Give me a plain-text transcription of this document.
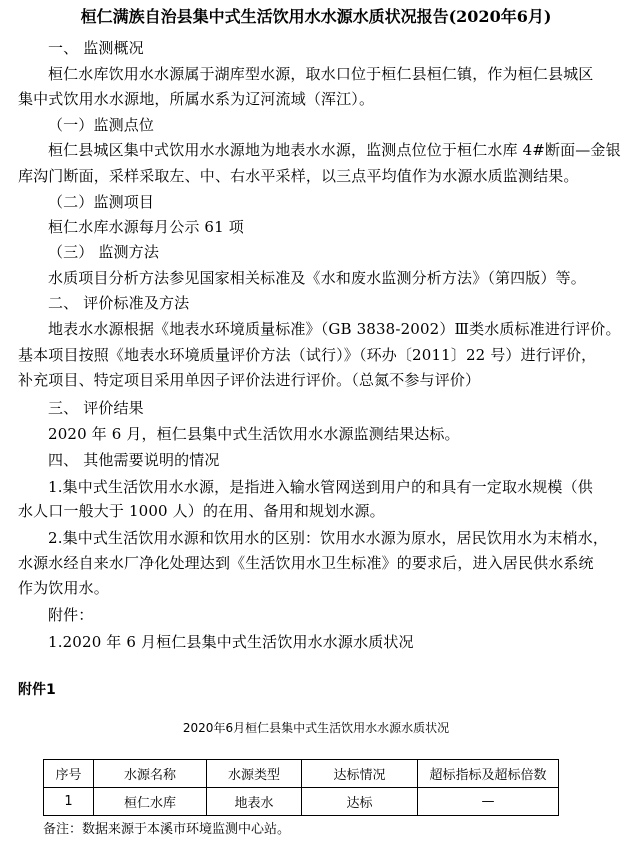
桓仁满族自治县集中式生活饮用水水源水质状况报告(2020年6月)
一、 监测概况
桓仁水库饮用水水源属于湖库型水源，取水口位于桓仁县桓仁镇，作为桓仁县城区
集中式饮用水水源地，所属水系为辽河流域（浑江）。
（一）监测点位
桓仁县城区集中式饮用水水源地为地表水水源，监测点位位于桓仁水库 4#断面—金银
库沟门断面，采样采取左、中、右水平采样，以三点平均值作为水源水质监测结果。
（二）监测项目
桓仁水库水源每月公示 61 项
（三） 监测方法
水质项目分析方法参见国家相关标准及《水和废水监测分析方法》（第四版）等。
二、 评价标准及方法
地表水水源根据《地表水环境质量标准》（GB 3838-2002）Ⅲ类水质标准进行评价。
基本项目按照《地表水环境质量评价方法（试行）》（环办〔2011〕22 号）进行评价，
补充项目、特定项目采用单因子评价法进行评价。（总氮不参与评价）
三、 评价结果
2020 年 6 月，桓仁县集中式生活饮用水水源监测结果达标。
四、 其他需要说明的情况
1.集中式生活饮用水水源，是指进入输水管网送到用户的和具有一定取水规模（供
水人口一般大于 1000 人）的在用、备用和规划水源。
2.集中式生活饮用水源和饮用水的区别：饮用水水源为原水，居民饮用水为末梢水，
水源水经自来水厂净化处理达到《生活饮用水卫生标准》的要求后，进入居民供水系统
作为饮用水。
附件：
1.2020 年 6 月桓仁县集中式生活饮用水水源水质状况
附件1
2020年6月桓仁县集中式生活饮用水水源水质状况
序号	水源名称	水源类型	达标情况	超标指标及超标倍数
1	桓仁水库	地表水	达标	—
备注：数据来源于本溪市环境监测中心站。
